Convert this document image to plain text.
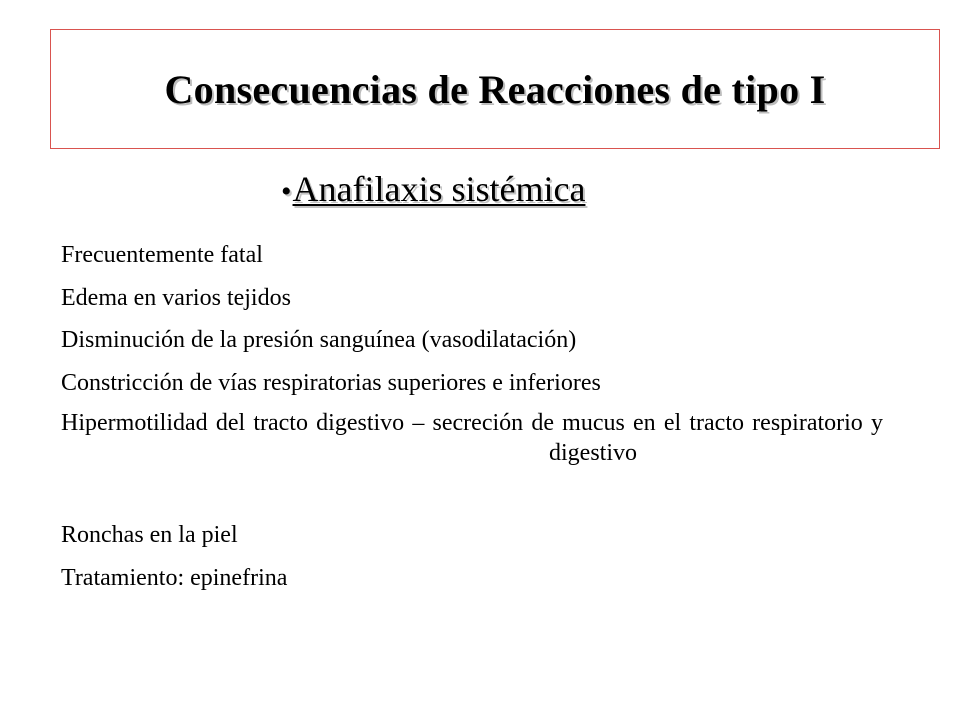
Consecuencias de Reacciones de tipo I
•Anafilaxis sistémica
Frecuentemente fatal
Edema en varios tejidos
Disminución de la presión sanguínea (vasodilatación)
Constricción de vías respiratorias superiores e inferiores
Hipermotilidad del tracto digestivo – secreción de mucus en el tracto respiratorio y digestivo
Ronchas en la piel
Tratamiento: epinefrina
